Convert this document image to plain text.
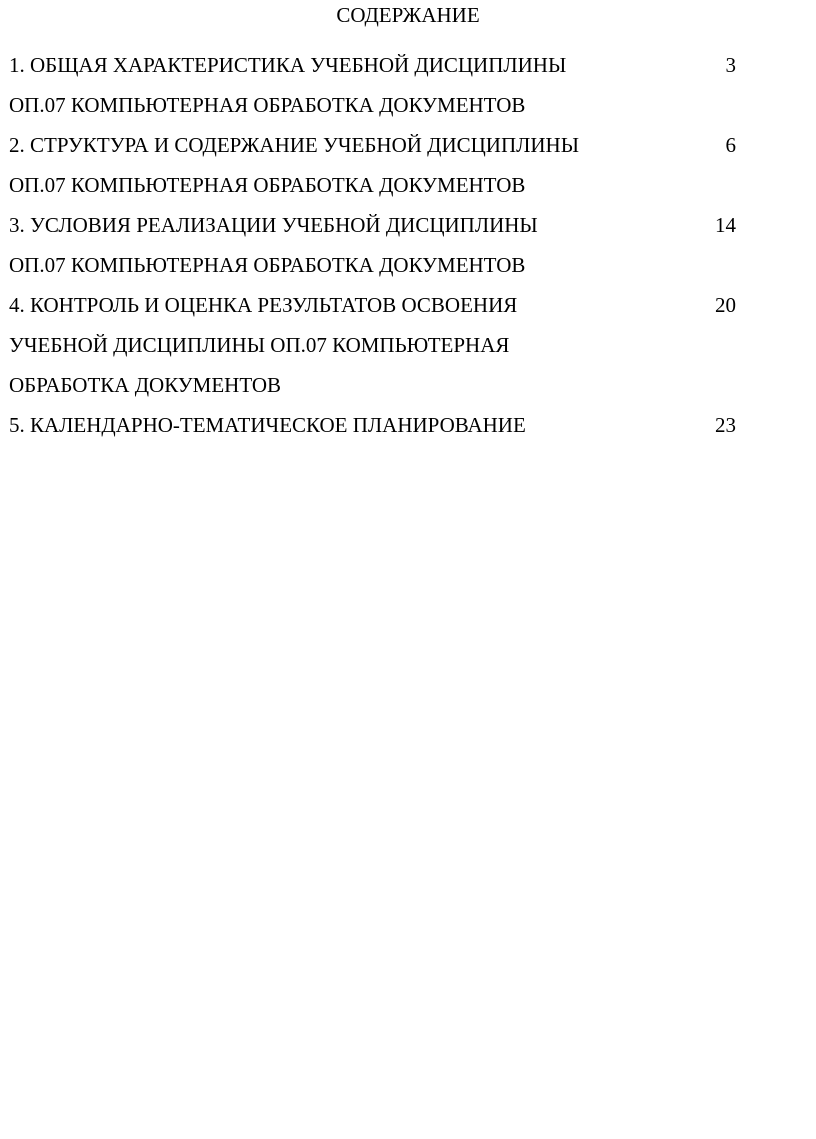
СОДЕРЖАНИЕ
1. ОБЩАЯ ХАРАКТЕРИСТИКА УЧЕБНОЙ ДИСЦИПЛИНЫ
ОП.07 КОМПЬЮТЕРНАЯ ОБРАБОТКА ДОКУМЕНТОВ
3
2. СТРУКТУРА И СОДЕРЖАНИЕ УЧЕБНОЙ ДИСЦИПЛИНЫ
ОП.07 КОМПЬЮТЕРНАЯ ОБРАБОТКА ДОКУМЕНТОВ
6
3. УСЛОВИЯ РЕАЛИЗАЦИИ УЧЕБНОЙ ДИСЦИПЛИНЫ
ОП.07 КОМПЬЮТЕРНАЯ ОБРАБОТКА ДОКУМЕНТОВ
14
4. КОНТРОЛЬ И ОЦЕНКА РЕЗУЛЬТАТОВ ОСВОЕНИЯ
УЧЕБНОЙ ДИСЦИПЛИНЫ ОП.07 КОМПЬЮТЕРНАЯ
ОБРАБОТКА ДОКУМЕНТОВ
20
5. КАЛЕНДАРНО-ТЕМАТИЧЕСКОЕ ПЛАНИРОВАНИЕ	23
